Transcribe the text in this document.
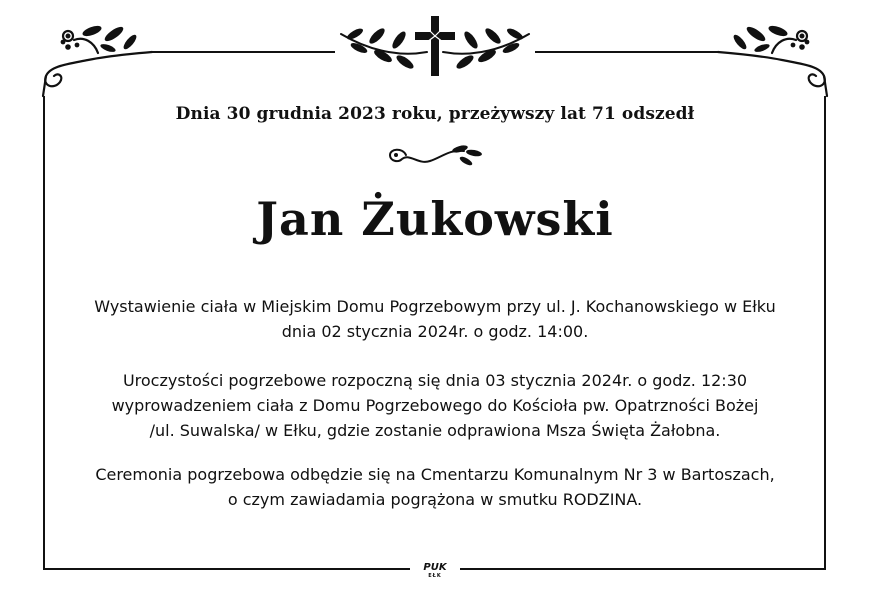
Dnia 30 grudnia 2023 roku, przeżywszy lat 71 odszedł
Jan Żukowski
Wystawienie ciała w Miejskim Domu Pogrzebowym przy ul. J. Kochanowskiego w Ełku
dnia 02 stycznia 2024r. o godz. 14:00.
Uroczystości pogrzebowe rozpoczną się dnia 03 stycznia 2024r. o godz. 12:30
wyprowadzeniem ciała z Domu Pogrzebowego do Kościoła pw. Opatrzności Bożej
/ul. Suwalska/ w Ełku, gdzie zostanie odprawiona Msza Święta Żałobna.
Ceremonia pogrzebowa odbędzie się na Cmentarzu Komunalnym Nr 3 w Bartoszach,
o czym zawiadamia pogrążona w smutku RODZINA.
PUK
EŁK
